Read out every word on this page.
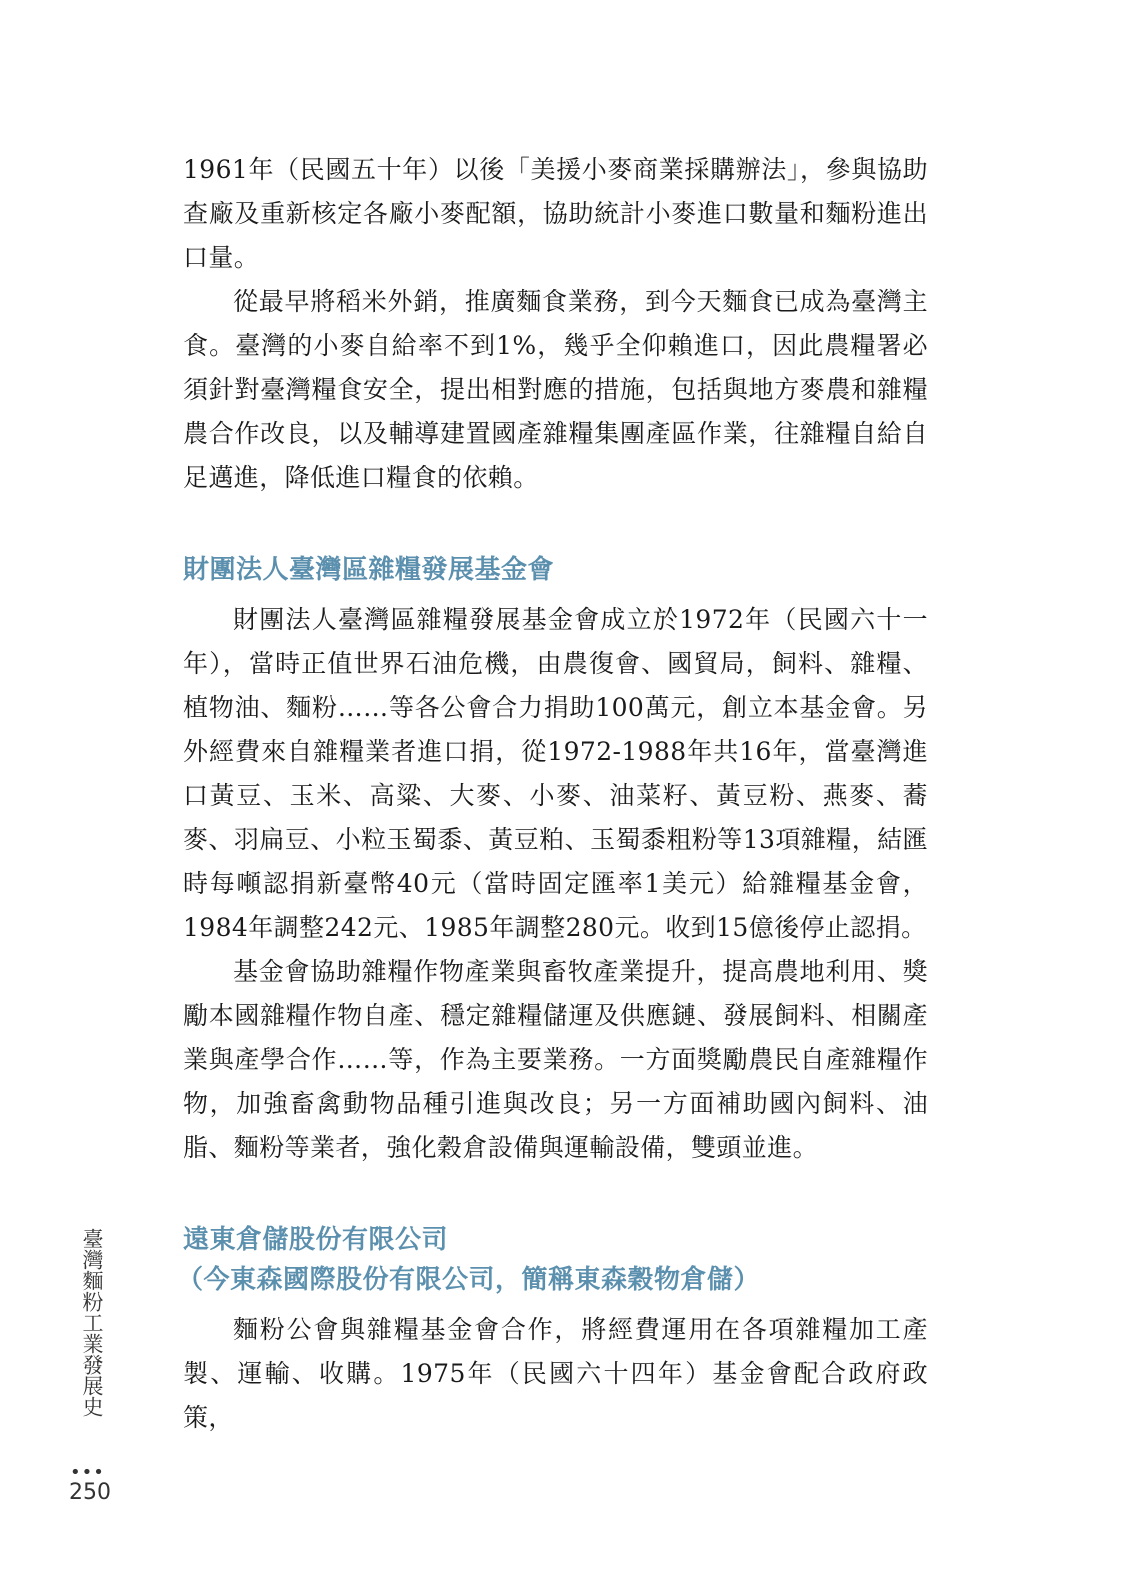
1961年（民國五十年）以後「美援小麥商業採購辦法」，參與協助查廠及重新核定各廠小麥配額，協助統計小麥進口數量和麵粉進出口量。

從最早將稻米外銷，推廣麵食業務，到今天麵食已成為臺灣主食。臺灣的小麥自給率不到1%，幾乎全仰賴進口，因此農糧署必須針對臺灣糧食安全，提出相對應的措施，包括與地方麥農和雜糧農合作改良，以及輔導建置國產雜糧集團產區作業，往雜糧自給自足邁進，降低進口糧食的依賴。

財團法人臺灣區雜糧發展基金會

財團法人臺灣區雜糧發展基金會成立於1972年（民國六十一年），當時正值世界石油危機，由農復會、國貿局，飼料、雜糧、植物油、麵粉……等各公會合力捐助100萬元，創立本基金會。另外經費來自雜糧業者進口捐，從1972-1988年共16年，當臺灣進口黃豆、玉米、高粱、大麥、小麥、油菜籽、黃豆粉、燕麥、蕎麥、羽扁豆、小粒玉蜀黍、黃豆粕、玉蜀黍粗粉等13項雜糧，結匯時每噸認捐新臺幣40元（當時固定匯率1美元）給雜糧基金會，1984年調整242元、1985年調整280元。收到15億後停止認捐。

基金會協助雜糧作物產業與畜牧產業提升，提高農地利用、獎勵本國雜糧作物自產、穩定雜糧儲運及供應鏈、發展飼料、相關產業與產學合作……等，作為主要業務。一方面獎勵農民自產雜糧作物，加強畜禽動物品種引進與改良；另一方面補助國內飼料、油脂、麵粉等業者，強化穀倉設備與運輸設備，雙頭並進。

遠東倉儲股份有限公司
（今東森國際股份有限公司，簡稱東森穀物倉儲）

麵粉公會與雜糧基金會合作，將經費運用在各項雜糧加工產製、運輸、收購。1975年（民國六十四年）基金會配合政府政策，

臺灣麵粉工業發展史
•••
250
